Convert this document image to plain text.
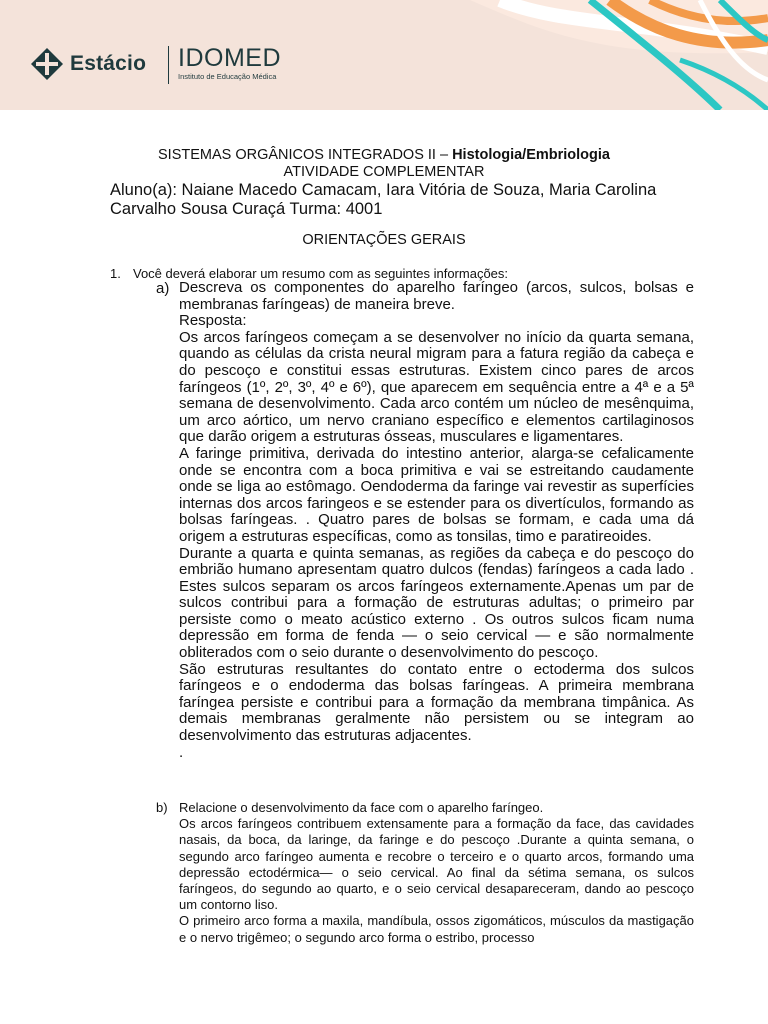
Estácio IDOMED
Instituto de Educação Médica
SISTEMAS ORGÂNICOS INTEGRADOS II – Histologia/Embriologia
ATIVIDADE COMPLEMENTAR
Aluno(a): Naiane Macedo Camacam, Iara Vitória de Souza, Maria Carolina
Carvalho Sousa Curaçá Turma: 4001
ORIENTAÇÕES GERAIS
1. Você deverá elaborar um resumo com as seguintes informações:
a) Descreva os componentes do aparelho faríngeo (arcos, sulcos, bolsas e membranas faríngeas) de maneira breve.

Resposta:

Os arcos faríngeos começam a se desenvolver no início da quarta semana, quando as células da crista neural migram para a fatura região da cabeça e do pescoço e constitui essas estruturas. Existem cinco pares de arcos faríngeos (1º, 2º, 3º, 4º e 6º), que aparecem em sequência entre a 4ª e a 5ª semana de desenvolvimento. Cada arco contém um núcleo de mesênquima, um arco aórtico, um nervo craniano específico e elementos cartilaginosos que darão origem a estruturas ósseas, musculares e ligamentares.

A faringe primitiva, derivada do intestino anterior, alarga-se cefalicamente onde se encontra com a boca primitiva e vai se estreitando caudamente onde se liga ao estômago. Oendoderma da faringe vai revestir as superfícies internas dos arcos faringeos e se estender para os divertículos, formando as bolsas faríngeas. . Quatro pares de bolsas se formam, e cada uma dá origem a estruturas específicas, como as tonsilas, timo e paratireoides.

Durante a quarta e quinta semanas, as regiões da cabeça e do pescoço do embrião humano apresentam quatro dulcos (fendas) faríngeos a cada lado . Estes sulcos separam os arcos faríngeos externamente.Apenas um par de sulcos contribui para a formação de estruturas adultas; o primeiro par persiste como o meato acústico externo . Os outros sulcos ficam numa depressão em forma de fenda — o seio cervical — e são normalmente obliterados com o seio durante o desenvolvimento do pescoço.

São estruturas resultantes do contato entre o ectoderma dos sulcos faríngeos e o endoderma das bolsas faríngeas. A primeira membrana faríngea persiste e contribui para a formação da membrana timpânica. As demais membranas geralmente não persistem ou se integram ao desenvolvimento das estruturas adjacentes.

.

b) Relacione o desenvolvimento da face com o aparelho faríngeo.

Os arcos faríngeos contribuem extensamente para a formação da face, das cavidades nasais, da boca, da laringe, da faringe e do pescoço .Durante a quinta semana, o segundo arco faríngeo aumenta e recobre o terceiro e o quarto arcos, formando uma depressão ectodérmica— o seio cervical. Ao final da sétima semana, os sulcos faríngeos, do segundo ao quarto, e o seio cervical desapareceram, dando ao pescoço um contorno liso.

O primeiro arco forma a maxila, mandíbula, ossos zigomáticos, músculos da mastigação e o nervo trigêmeo; o segundo arco forma o estribo, processo
